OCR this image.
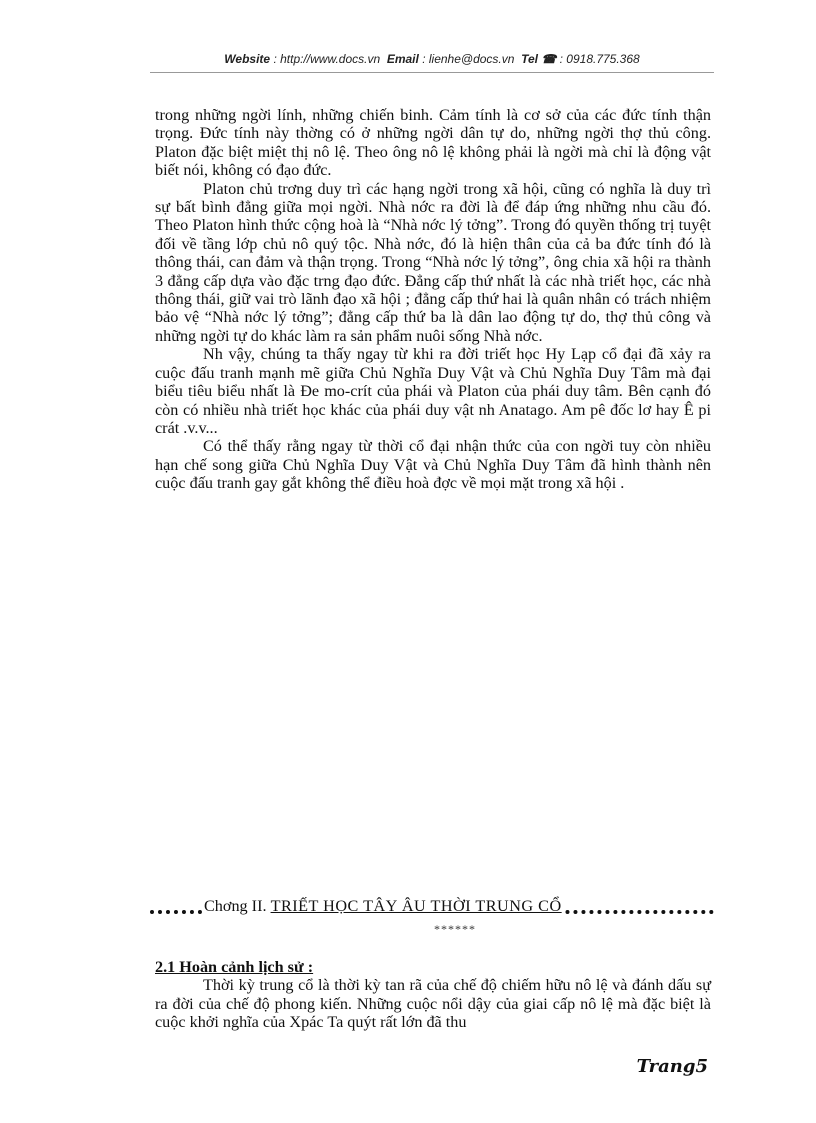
Website : http://www.docs.vn Email : lienhe@docs.vn Tel ☎ : 0918.775.368

trong những ngời lính, những chiến binh. Cảm tính là cơ sở của các đức tính thận trọng. Đức tính này thờng có ở những ngời dân tự do, những ngời thợ thủ công. Platon đặc biệt miệt thị nô lệ. Theo ông nô lệ không phải là ngời mà chỉ là động vật biết nói, không có đạo đức.

Platon chủ trơng duy trì các hạng ngời trong xã hội, cũng có nghĩa là duy trì sự bất bình đẳng giữa mọi ngời. Nhà nớc ra đời là để đáp ứng những nhu cầu đó. Theo Platon hình thức cộng hoà là “Nhà nớc lý tởng”. Trong đó quyền thống trị tuyệt đối về tầng lớp chủ nô quý tộc. Nhà nớc, đó là hiện thân của cả ba đức tính đó là thông thái, can đảm và thận trọng. Trong “Nhà nớc lý tởng”, ông chia xã hội ra thành 3 đẳng cấp dựa vào đặc trng đạo đức. Đẳng cấp thứ nhất là các nhà triết học, các nhà thông thái, giữ vai trò lãnh đạo xã hội ; đẳng cấp thứ hai là quân nhân có trách nhiệm bảo vệ “Nhà nớc lý tởng”; đẳng cấp thứ ba là dân lao động tự do, thợ thủ công và những ngời tự do khác làm ra sản phẩm nuôi sống Nhà nớc.

Nh vậy, chúng ta thấy ngay từ khi ra đời triết học Hy Lạp cổ đại đã xảy ra cuộc đấu tranh mạnh mẽ giữa Chủ Nghĩa Duy Vật và Chủ Nghĩa Duy Tâm mà đại biểu tiêu biểu nhất là Đe mo-crít của phái và Platon của phái duy tâm. Bên cạnh đó còn có nhiều nhà triết học khác của phái duy vật nh Anatago. Am pê đốc lơ hay Ê pi crát .v.v...

Có thể thấy rằng ngay từ thời cổ đại nhận thức của con ngời tuy còn nhiều hạn chế song giữa Chủ Nghĩa Duy Vật và Chủ Nghĩa Duy Tâm đã hình thành nên cuộc đấu tranh gay gắt không thể điều hoà đợc về mọi mặt trong xã hội .

Chơng II. TRIẾT HỌC TÂY ÂU THỜI TRUNG CỔ
******

2.1 Hoàn cảnh lịch sử :

Thời kỳ trung cổ là thời kỳ tan rã của chế độ chiếm hữu nô lệ và đánh dấu sự ra đời của chế độ phong kiến. Những cuộc nổi dậy của giai cấp nô lệ mà đặc biệt là cuộc khởi nghĩa của Xpác Ta quýt rất lớn đã thu

Trang5
